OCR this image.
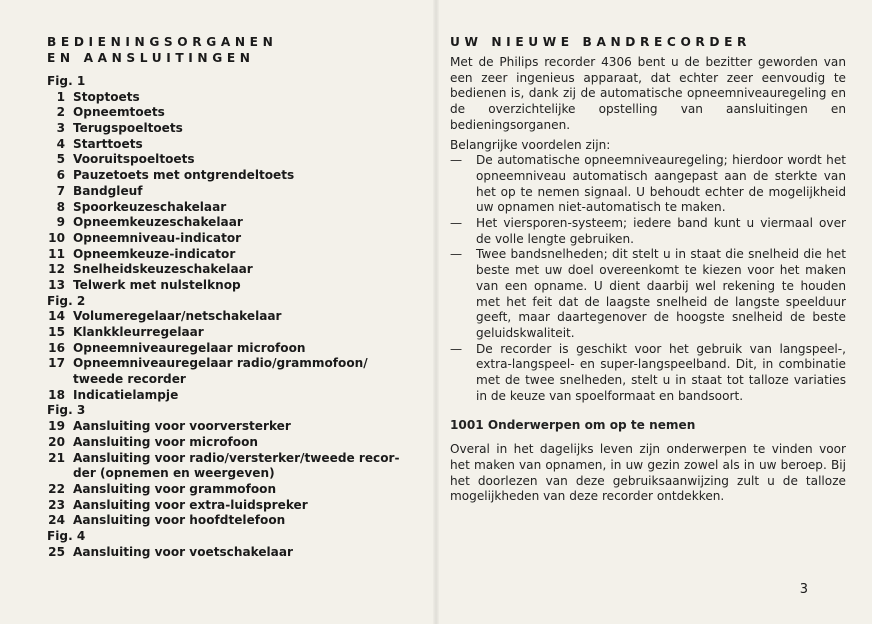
BEDIENINGSORGANEN
EN AANSLUITINGEN
Fig. 1
1 Stoptoets
2 Opneemtoets
3 Terugspoeltoets
4 Starttoets
5 Vooruitspoeltoets
6 Pauzetoets met ontgrendeltoets
7 Bandgleuf
8 Spoorkeuzeschakelaar
9 Opneemkeuzeschakelaar
10 Opneemniveau-indicator
11 Opneemkeuze-indicator
12 Snelheidskeuzeschakelaar
13 Telwerk met nulstelknop
Fig. 2
14 Volumeregelaar/netschakelaar
15 Klankkleurregelaar
16 Opneemniveauregelaar microfoon
17 Opneemniveauregelaar radio/grammofoon/
tweede recorder
18 Indicatielampje
Fig. 3
19 Aansluiting voor voorversterker
20 Aansluiting voor microfoon
21 Aansluiting voor radio/versterker/tweede recor-
der (opnemen en weergeven)
22 Aansluiting voor grammofoon
23 Aansluiting voor extra-luidspreker
24 Aansluiting voor hoofdtelefoon
Fig. 4
25 Aansluiting voor voetschakelaar
UW NIEUWE BANDRECORDER

Met de Philips recorder 4306 bent u de bezitter geworden van een zeer ingenieus apparaat, dat echter zeer eenvoudig te bedienen is, dank zij de automatische opneemniveauregeling en de overzichtelijke opstelling van aansluitingen en bedieningsorganen.

Belangrijke voordelen zijn:

—	De automatische opneemniveauregeling; hierdoor wordt het opneemniveau automatisch aangepast aan de sterkte van het op te nemen signaal. U behoudt echter de mogelijkheid uw opnamen niet-automatisch te maken.
—	Het viersporen-systeem; iedere band kunt u viermaal over de volle lengte gebruiken.
—	Twee bandsnelheden; dit stelt u in staat die snelheid die het beste met uw doel overeenkomt te kiezen voor het maken van een opname. U dient daarbij wel rekening te houden met het feit dat de laagste snelheid de langste speelduur geeft, maar daartegenover de hoogste snelheid de beste geluidskwaliteit.
—	De recorder is geschikt voor het gebruik van langspeel-, extra-langspeel- en super-langspeelband. Dit, in combinatie met de twee snelheden, stelt u in staat tot talloze variaties in de keuze van spoelformaat en bandsoort.

1001 Onderwerpen om op te nemen

Overal in het dagelijks leven zijn onderwerpen te vinden voor het maken van opnamen, in uw gezin zowel als in uw beroep. Bij het doorlezen van deze gebruiksaanwijzing zult u de talloze mogelijkheden van deze recorder ontdekken.

3
